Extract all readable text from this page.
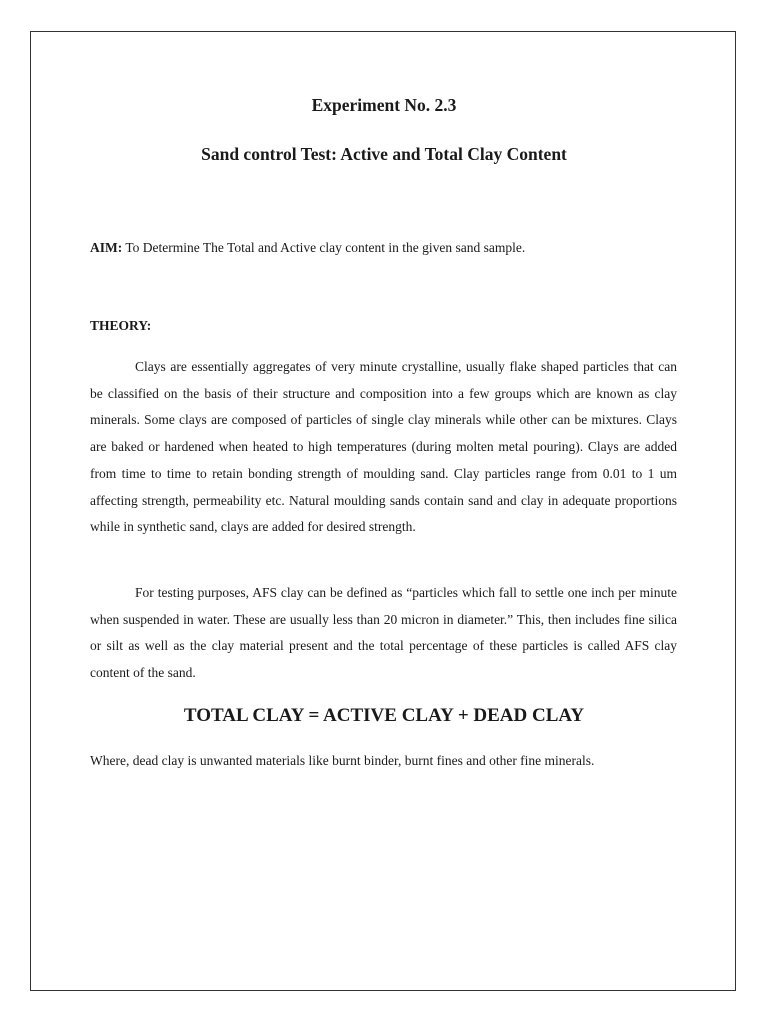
Experiment No. 2.3
Sand control Test: Active and Total Clay Content

AIM: To Determine The Total and Active clay content in the given sand sample.

THEORY:

Clays are essentially aggregates of very minute crystalline, usually flake shaped particles that can be classified on the basis of their structure and composition into a few groups which are known as clay minerals. Some clays are composed of particles of single clay minerals while other can be mixtures. Clays are baked or hardened when heated to high temperatures (during molten metal pouring). Clays are added from time to time to retain bonding strength of moulding sand. Clay particles range from 0.01 to 1 um affecting strength, permeability etc. Natural moulding sands contain sand and clay in adequate proportions while in synthetic sand, clays are added for desired strength.

For testing purposes, AFS clay can be defined as “particles which fall to settle one inch per minute when suspended in water. These are usually less than 20 micron in diameter.” This, then includes fine silica or silt as well as the clay material present and the total percentage of these particles is called AFS clay content of the sand.

TOTAL CLAY = ACTIVE CLAY + DEAD CLAY

Where, dead clay is unwanted materials like burnt binder, burnt fines and other fine minerals.
